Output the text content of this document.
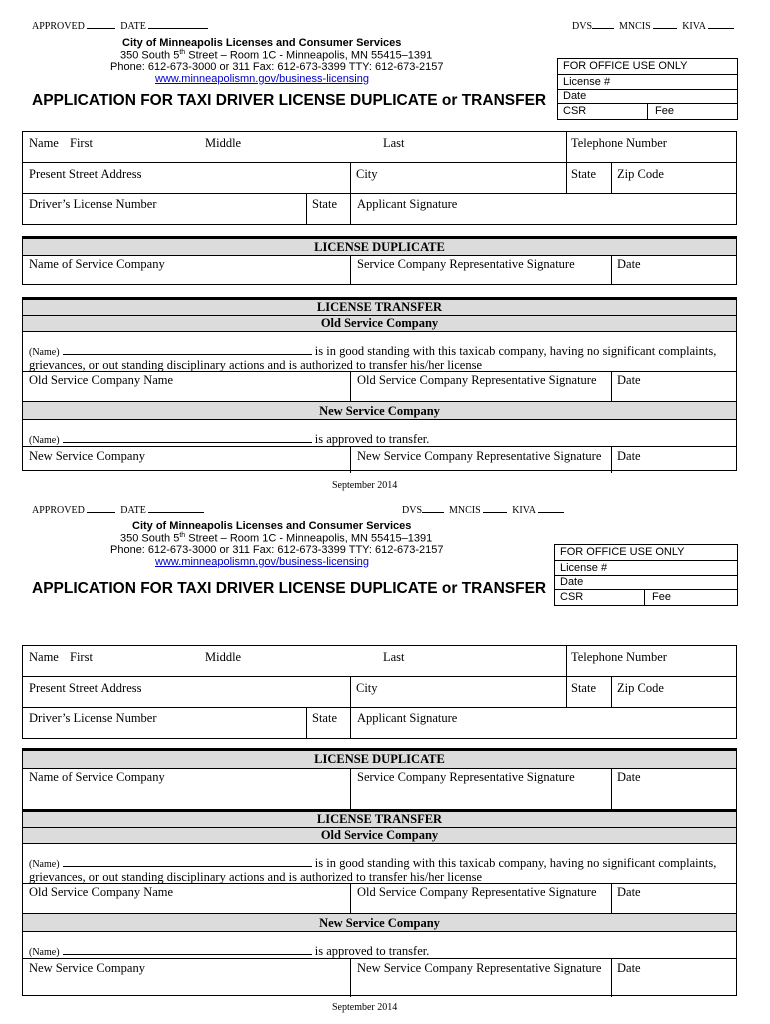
APPROVED	DATE	DVS	MNCIS	KIVA
City of Minneapolis Licenses and Consumer Services
350 South 5th Street – Room 1C - Minneapolis, MN 55415–1391
Phone: 612-673-3000 or 311 Fax: 612-673-3399 TTY: 612-673-2157
www.minneapolismn.gov/business-licensing
APPLICATION FOR TAXI DRIVER LICENSE DUPLICATE or TRANSFER
FOR OFFICE USE ONLY
License #
Date
CSR	Fee
Name First	Middle	Last	Telephone Number
Present Street Address	City	State Zip Code
Driver’s License Number	State Applicant Signature
LICENSE DUPLICATE
Name of Service Company	Service Company Representative Signature	Date
LICENSE TRANSFER
Old Service Company
(Name)	is in good standing with this taxicab company, having no significant complaints,
grievances, or out standing disciplinary actions and is authorized to transfer his/her license
Old Service Company Name	Old Service Company Representative Signature Date
New Service Company
(Name)	is approved to transfer.
New Service Company	New Service Company Representative Signature Date
September 2014
APPROVED	DATE	DVS	MNCIS	KIVA
City of Minneapolis Licenses and Consumer Services
350 South 5th Street – Room 1C - Minneapolis, MN 55415–1391
Phone: 612-673-3000 or 311 Fax: 612-673-3399 TTY: 612-673-2157
www.minneapolismn.gov/business-licensing
APPLICATION FOR TAXI DRIVER LICENSE DUPLICATE or TRANSFER
FOR OFFICE USE ONLY
License #
Date
CSR	Fee
Name First	Middle	Last	Telephone Number
Present Street Address	City	State Zip Code
Driver’s License Number	State Applicant Signature
LICENSE DUPLICATE
Name of Service Company	Service Company Representative Signature	Date
LICENSE TRANSFER
Old Service Company
(Name)	is in good standing with this taxicab company, having no significant complaints,
grievances, or out standing disciplinary actions and is authorized to transfer his/her license
Old Service Company Name	Old Service Company Representative Signature Date
New Service Company
(Name)	is approved to transfer.
New Service Company	New Service Company Representative Signature Date
September 2014
